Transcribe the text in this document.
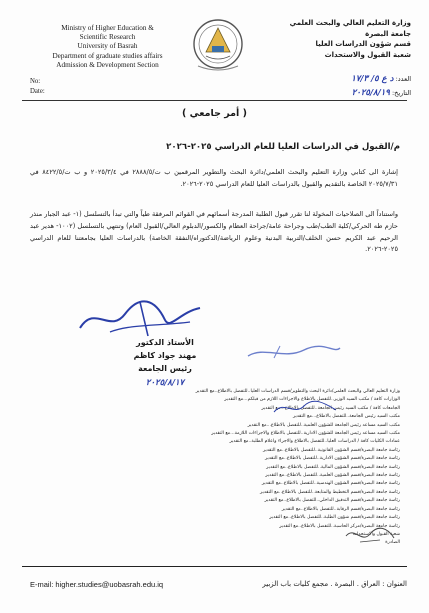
Ministry of Higher Education &
Scientific Research
University of Basrah
Department of graduate studies affairs
Admission & Development Section
وزارة التعليم العالي والبحث العلمي
جامعة البصرة
قسم شؤون الدراسات العليا
شعبة القبول والاستحداث
No:
Date:
العدد: د ع ٥/ ١٧/٣
التاريخ: ٢٠٢٥/٨/١٩
( أمر جامعي )
م/القبول في الدراسات العليا للعام الدراسي ٢٠٢٥-٢٠٢٦
إشارة الى كتابي وزارة التعليم والبحث العلمي/دائرة البحث والتطوير المرقمين ب ت/٢٨٨٨/٥ في ٢٠٢٥/٣/٤ و ب ت/٨٤٢٢/٥ في ٢٠٢٥/٧/٣١ الخاصة بالتقديم والقبول بالدراسات العليا للعام الدراسي ٢٠٢٥-٢٠٢٦.
واستناداً الى الصلاحيات المخولة لنا تقرر قبول الطلبة المدرجة أسمائهم في القوائم المرفقة طياً والتي تبدأ بالتسلسل (١- عبد الجبار منذر حازم طه الحركي/كلية الطب/طب وجراحة عامة/جراحة العظام والكسور/الدبلوم العالي/القبول العام) وتنتهي بالتسلسل (١٠٠٢- هدير عبد الرحيم عبد الكريم حسن الخلف/التربية البدنية وعلوم الرياضة/الدكتوراه/النفقة الخاصة) بالدراسات العليا بجامعتنا للعام الدراسي ٢٠٢٥-٢٠٢٦.
الأستاذ الدكتور
مهند جواد كاظم
رئيس الجامعة
٢٠٢٥/٨/١٧
وزارة التعليم العالي والبحث العلمي/دائرة البحث والتطوير/قسم الدراسات العليا..للتفضل بالاطلاع..مع التقدير
الوزارات كافة / مكتب السيد الوزير..للتفضل بالاطلاع والاجراءات اللازم من قبلكم...مع التقدير
الجامعات كافة / مكتب السيد رئيس الجامعة..للتفضل بالاطلاع...مع التقدير
مكتب السيد رئيس الجامعة..للتفضل بالاطلاع...مع التقدير
مكتب السيد مساعد رئيس الجامعة للشؤون العلمية..للتفضل بالاطلاع...مع التقدير
مكتب السيد مساعد رئيس الجامعة للشؤون الادارية..للتفضل بالاطلاع والاجراءات اللازمة...مع التقدير
عمادات الكليات كافة / الدراسات العليا..للتفضل بالاطلاع والاجراء واعلام الطلبة..مع التقدير
رئاسة جامعة البصرة/قسم الشؤون القانونية..للتفضل بالاطلاع..مع التقدير
رئاسة جامعة البصرة/قسم الشؤون الادارية..للتفضل بالاطلاع..مع التقدير
رئاسة جامعة البصرة/قسم الشؤون المالية..للتفضل بالاطلاع..مع التقدير
رئاسة جامعة البصرة/قسم الشؤون العلمية..للتفضل بالاطلاع..مع التقدير
رئاسة جامعة البصرة/قسم الشؤون الهندسية..للتفضل بالاطلاع..مع التقدير
رئاسة جامعة البصرة/قسم التخطيط والمتابعة..للتفضل بالاطلاع..مع التقدير
رئاسة جامعة البصرة/قسم التدقيق الداخلي..للتفضل بالاطلاع..مع التقدير
رئاسة جامعة البصرة/قسم الرقابة..للتفضل بالاطلاع..مع التقدير
رئاسة جامعة البصرة/قسم شؤون الطلبة..للتفضل بالاطلاع..مع التقدير
رئاسة جامعة البصرة/مركز الحاسبة..للتفضل بالاطلاع..مع التقدير
شعبة القبول والاستحداث
الصادرة
E-mail: higher.studies@uobasrah.edu.iq	العنوان : العراق . البصرة . مجمع كليات باب الزبير
